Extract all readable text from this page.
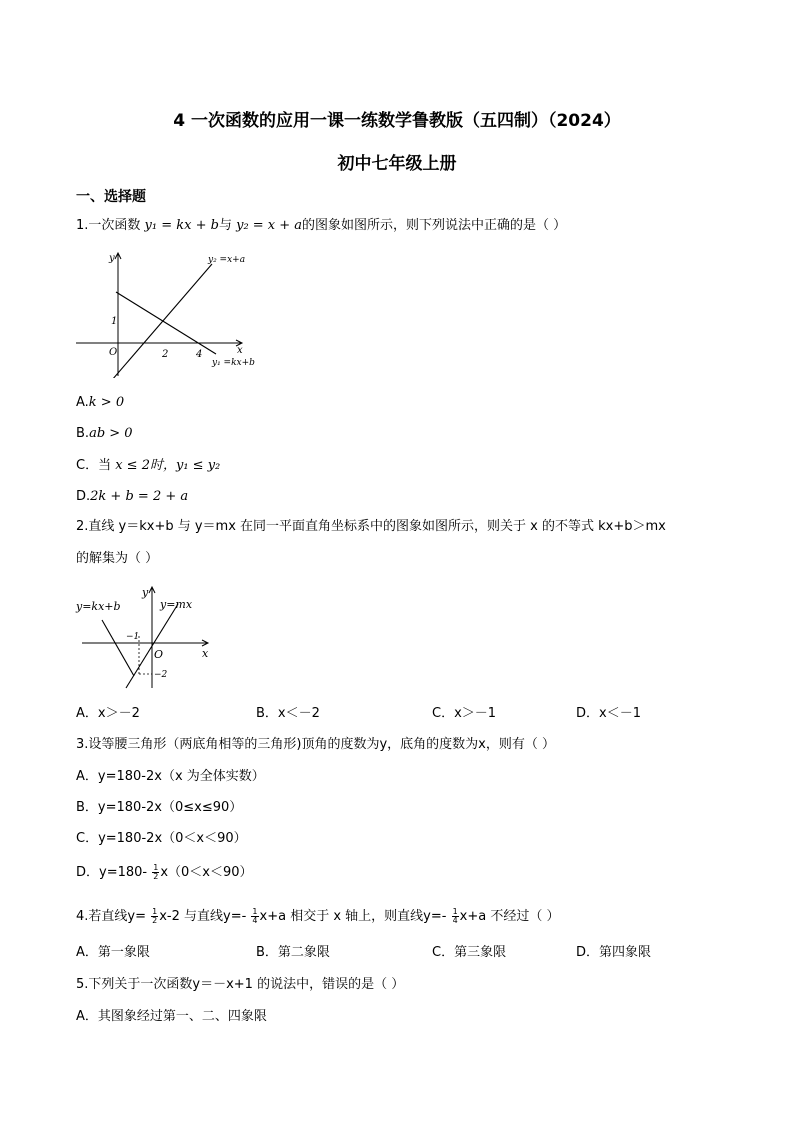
4 一次函数的应用一课一练数学鲁教版（五四制）（2024）
初中七年级上册
一、选择题
1.一次函数 y₁ = kx + b与 y₂ = x + a的图象如图所示，则下列说法中正确的是（ ）
y
x
O
1
2	4
y₂ =x+a
y₁ =kx+b
A.k > 0
B.ab > 0
C．当 x ≤ 2时，y₁ ≤ y₂
D.2k + b = 2 + a
2.直线 y＝kx+b 与 y＝mx 在同一平面直角坐标系中的图象如图所示，则关于 x 的不等式 kx+b＞mx
的解集为（ ）
y=kx+b	y=mx
y
x
O
−1
−2
A．x＞－2	B．x＜－2	C．x＞－1	D．x＜－1
3.设等腰三角形（两底角相等的三角形)顶角的度数为y，底角的度数为x，则有（ ）
A．y=180-2x（x 为全体实数）
B．y=180-2x（0≤x≤90）
C．y=180-2x（0＜x＜90）
D．$y=180- \frac{1}{2} x(0<x<90)$
4.若直线$y= \frac{1}{2} x-2$ 与直线$y=- \frac{1}{4} x+a$ 相交于 x 轴上，则直线$y=- \frac{1}{4} x+a$ 不经过（ ）
A．第一象限	B．第二象限	C．第三象限	D．第四象限
5.下列关于一次函数y＝－x+1 的说法中，错误的是（ ）
A．其图象经过第一、二、四象限
